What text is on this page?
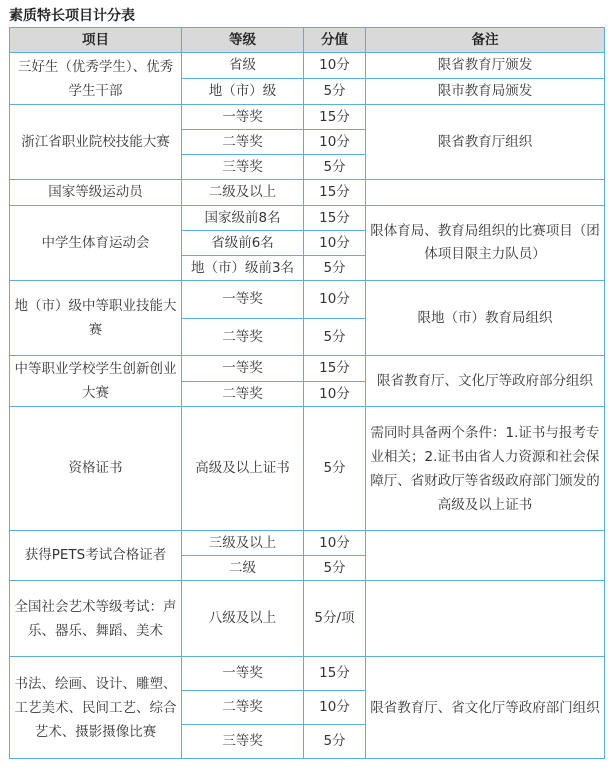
素质特长项目计分表
项目	等级	分值	备注
三好生（优秀学生）、优秀学生干部	省级	10分	限省教育厅颁发
	地（市）级	5分	限市教育局颁发
浙江省职业院校技能大赛	一等奖	15分	限省教育厅组织
	二等奖	10分	
	三等奖	5分	
国家等级运动员	二级及以上	15分	
中学生体育运动会	国家级前8名	15分	限体育局、教育局组织的比赛项目（团体项目限主力队员）
	省级前6名	10分	
	地（市）级前3名	5分	
地（市）级中等职业技能大赛	一等奖	10分	限地（市）教育局组织
	二等奖	5分	
中等职业学校学生创新创业大赛	一等奖	15分	限省教育厅、文化厅等政府部分组织
	二等奖	10分	
资格证书	高级及以上证书	5分	需同时具备两个条件：1.证书与报考专业相关；2.证书由省人力资源和社会保障厅、省财政厅等省级政府部门颁发的高级及以上证书
获得PETS考试合格证者	三级及以上	10分	
	二级	5分	
全国社会艺术等级考试：声乐、器乐、舞蹈、美术	八级及以上	5分/项	
书法、绘画、设计、雕塑、工艺美术、民间工艺、综合艺术、摄影摄像比赛	一等奖	15分	限省教育厅、省文化厅等政府部门组织
	二等奖	10分	
	三等奖	5分	
